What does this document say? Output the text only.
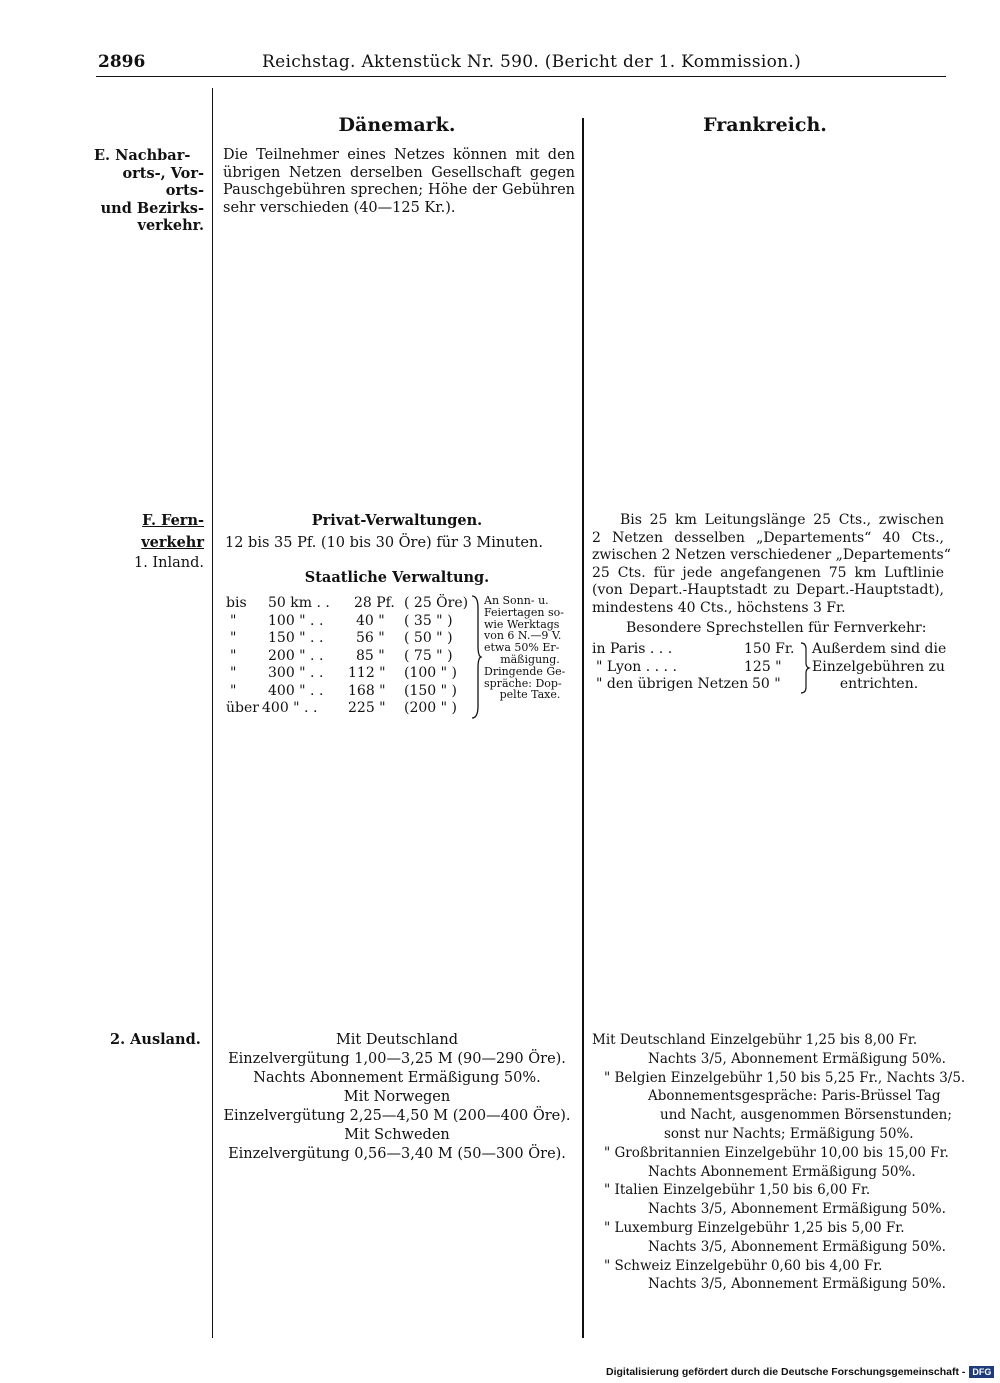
2896	Reichstag. Aktenstück Nr. 590. (Bericht der 1. Kommission.)
Dänemark.	Frankreich.
E. Nachbar-
orts-, Vor-
orts-
und Bezirks-
verkehr.
Die Teilnehmer eines Netzes können mit den
übrigen Netzen derselben Gesellschaft gegen
Pauschgebühren sprechen; Höhe der Gebühren
sehr verschieden (40—125 Kr.).
F. Fern-
verkehr
1. Inland.
Privat-Verwaltungen.
12 bis 35 Pf. (10 bis 30 Öre) für 3 Minuten.
Staatliche Verwaltung.
bis 50 km . . 28 Pf. ( 25 Öre)
" 100 " . . 40 " ( 35 " )
" 150 " . . 56 " ( 50 " )
" 200 " . . 85 " ( 75 " )
" 300 " . . 112 " (100 " )
" 400 " . . 168 " (150 " )
über 400 " . . 225 " (200 " )
An Sonn- u.
Feiertagen so-
wie Werktags
von 6 N.—9 V.
etwa 50% Er-
mäßigung.
Dringende Ge-
spräche: Dop-
pelte Taxe.
Bis 25 km Leitungslänge 25 Cts., zwischen
2 Netzen desselben „Departements“ 40 Cts.,
zwischen 2 Netzen verschiedener „Departements“
25 Cts. für jede angefangenen 75 km Luftlinie
(von Depart.-Hauptstadt zu Depart.-Hauptstadt),
mindestens 40 Cts., höchstens 3 Fr.
Besondere Sprechstellen für Fernverkehr:
in Paris . . .	150 Fr.
" Lyon . . . .	125 "
" den übrigen Netzen 50 "
Außerdem sind die
Einzelgebühren zu
entrichten.
2. Ausland.	Mit Deutschland
Einzelvergütung 1,00—3,25 M (90—290 Öre).
Nachts Abonnement Ermäßigung 50%.
Mit Norwegen
Einzelvergütung 2,25—4,50 M (200—400 Öre).
Mit Schweden
Einzelvergütung 0,56—3,40 M (50—300 Öre).
Mit Deutschland Einzelgebühr 1,25 bis 8,00 Fr.
Nachts 3/5, Abonnement Ermäßigung 50%.
" Belgien Einzelgebühr 1,50 bis 5,25 Fr., Nachts 3/5.
Abonnementsgespräche: Paris-Brüssel Tag
und Nacht, ausgenommen Börsenstunden;
sonst nur Nachts; Ermäßigung 50%.
" Großbritannien Einzelgebühr 10,00 bis 15,00 Fr.
Nachts Abonnement Ermäßigung 50%.
" Italien Einzelgebühr 1,50 bis 6,00 Fr.
Nachts 3/5, Abonnement Ermäßigung 50%.
" Luxemburg Einzelgebühr 1,25 bis 5,00 Fr.
Nachts 3/5, Abonnement Ermäßigung 50%.
" Schweiz Einzelgebühr 0,60 bis 4,00 Fr.
Nachts 3/5, Abonnement Ermäßigung 50%.
Digitalisierung gefördert durch die Deutsche Forschungsgemeinschaft - DFG
